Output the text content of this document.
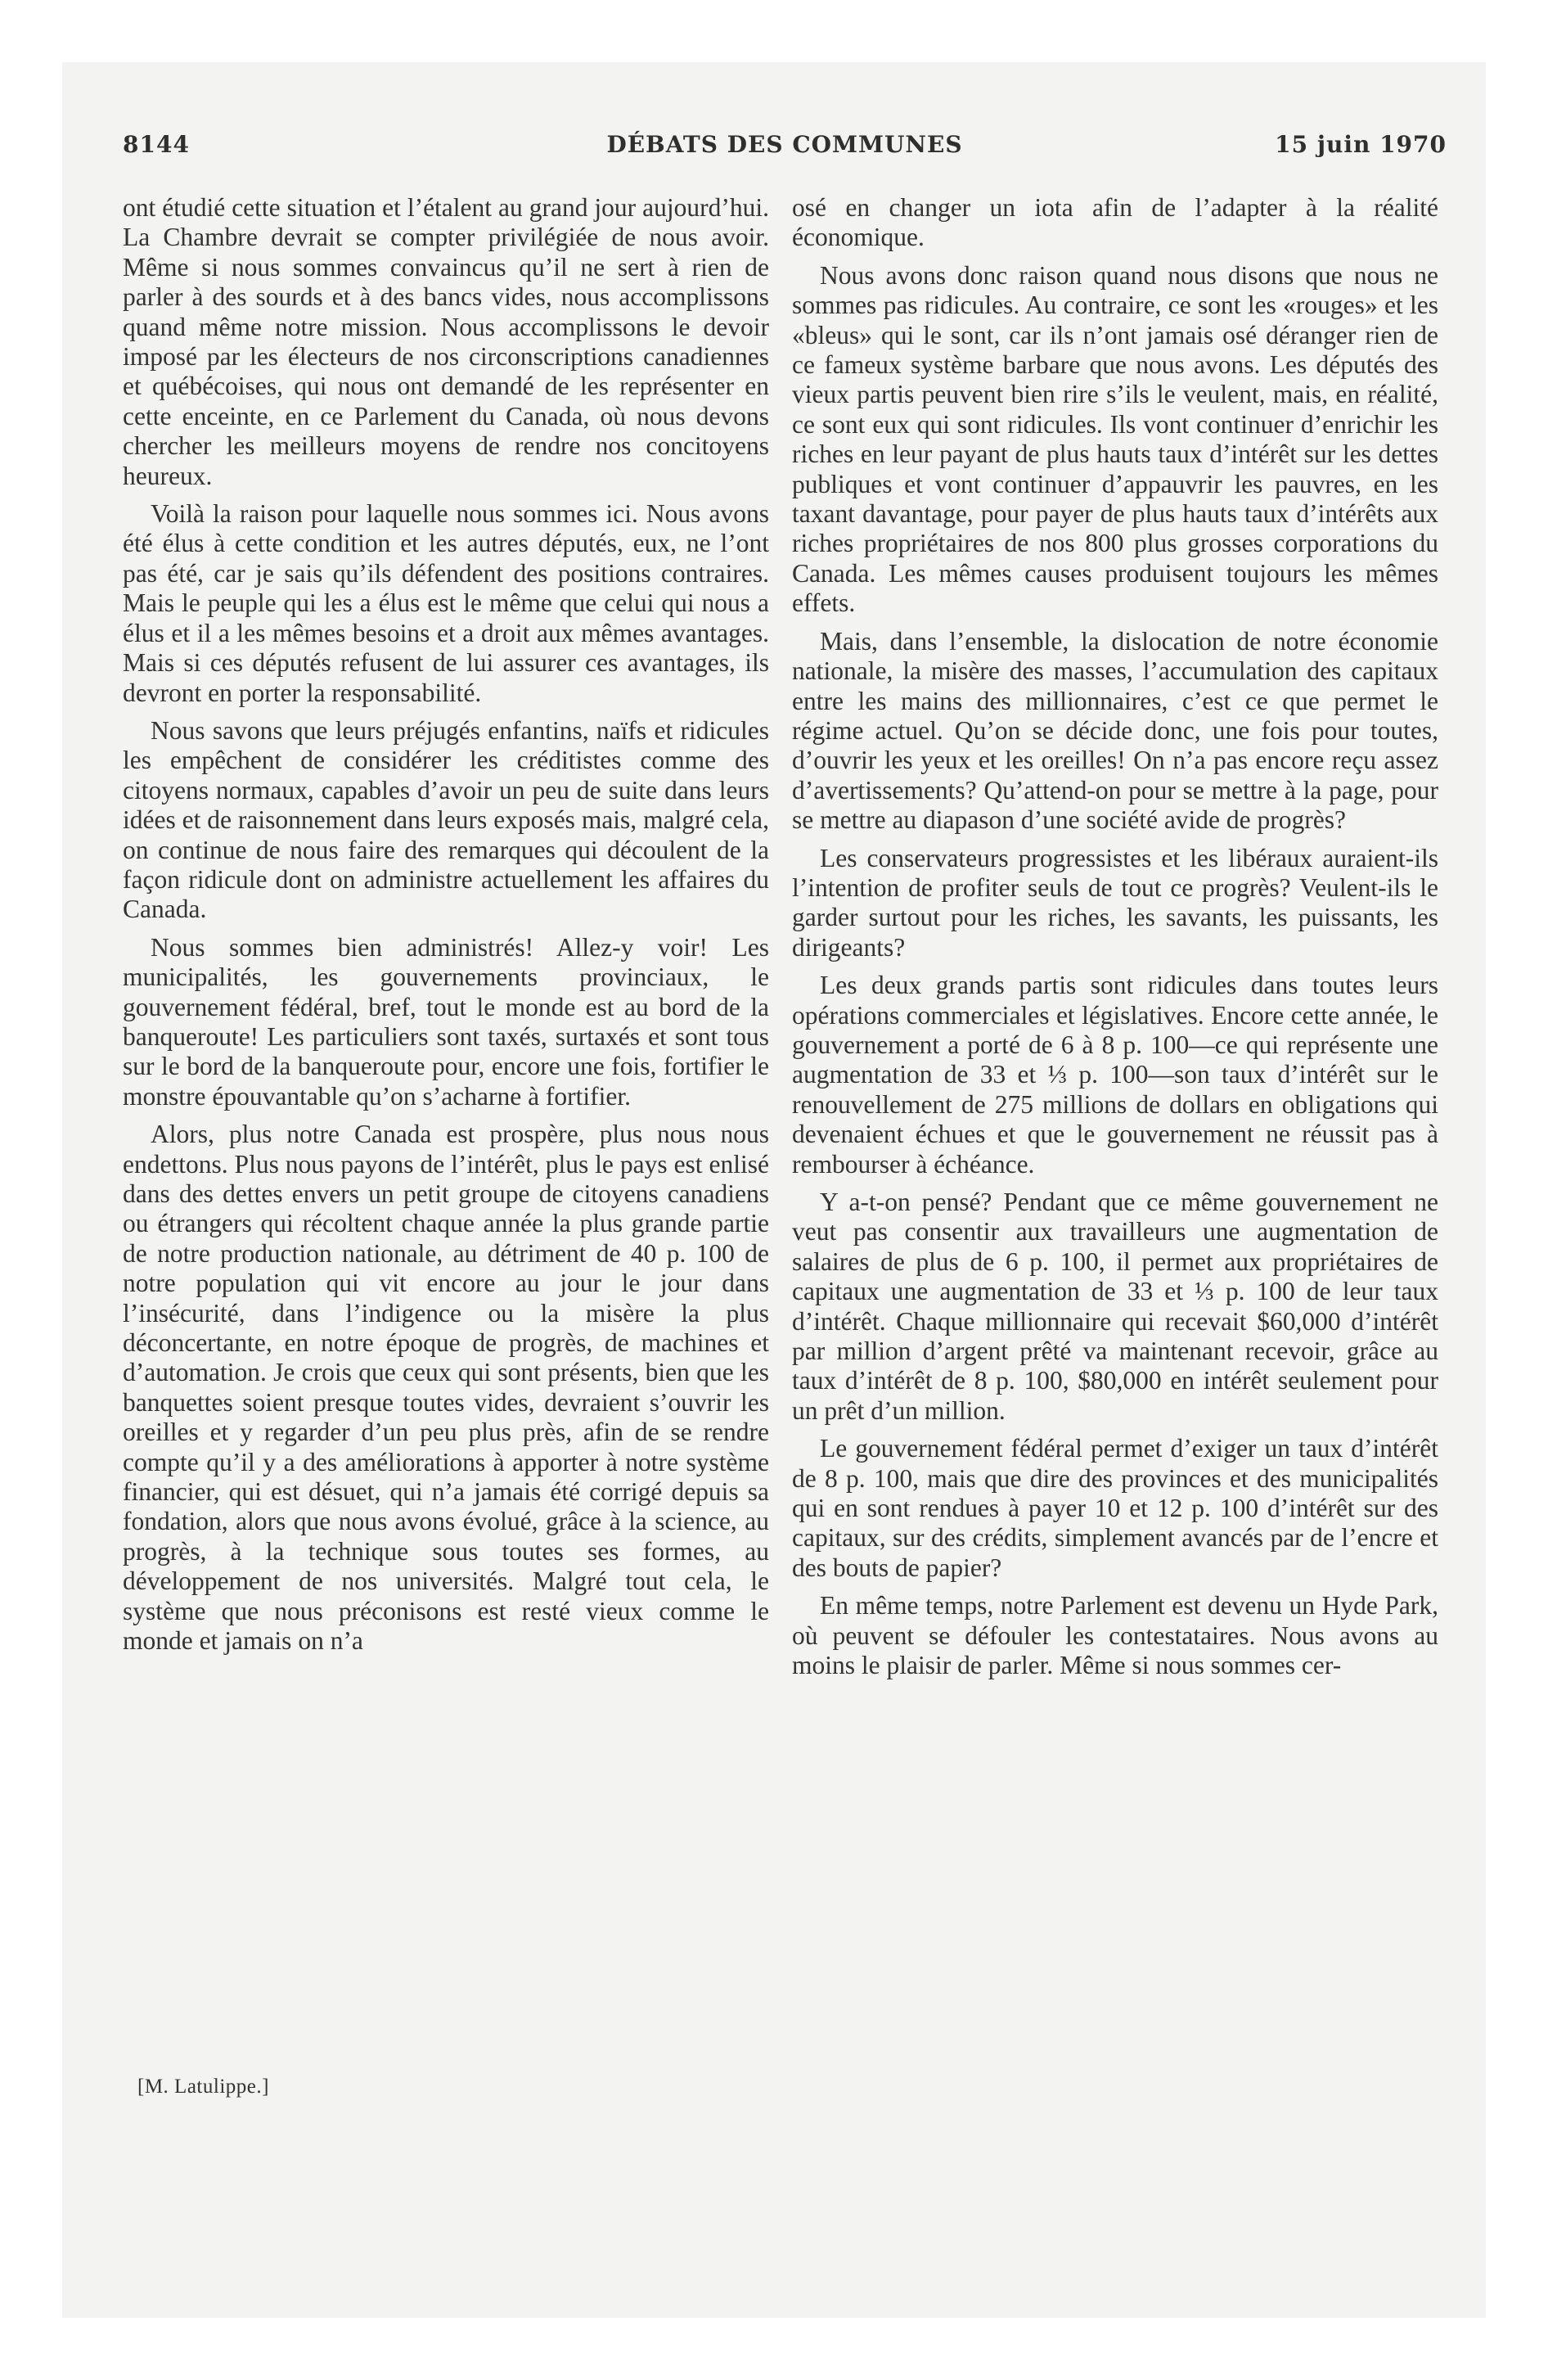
8144	DÉBATS DES COMMUNES	15 juin 1970

ont étudié cette situation et l’étalent au grand jour aujourd’hui. La Chambre devrait se compter privilégiée de nous avoir. Même si nous sommes convaincus qu’il ne sert à rien de parler à des sourds et à des bancs vides, nous accomplissons quand même notre mission. Nous accomplissons le devoir imposé par les électeurs de nos circonscriptions canadiennes et québécoises, qui nous ont demandé de les représenter en cette enceinte, en ce Parlement du Canada, où nous devons chercher les meilleurs moyens de rendre nos concitoyens heureux.

Voilà la raison pour laquelle nous sommes ici. Nous avons été élus à cette condition et les autres députés, eux, ne l’ont pas été, car je sais qu’ils défendent des positions contraires. Mais le peuple qui les a élus est le même que celui qui nous a élus et il a les mêmes besoins et a droit aux mêmes avantages. Mais si ces députés refusent de lui assurer ces avantages, ils devront en porter la responsabilité.

Nous savons que leurs préjugés enfantins, naïfs et ridicules les empêchent de considérer les créditistes comme des citoyens normaux, capables d’avoir un peu de suite dans leurs idées et de raisonnement dans leurs exposés mais, malgré cela, on continue de nous faire des remarques qui découlent de la façon ridicule dont on administre actuellement les affaires du Canada.

Nous sommes bien administrés! Allez-y voir! Les municipalités, les gouvernements provinciaux, le gouvernement fédéral, bref, tout le monde est au bord de la banqueroute! Les particuliers sont taxés, surtaxés et sont tous sur le bord de la banqueroute pour, encore une fois, fortifier le monstre épouvantable qu’on s’acharne à fortifier.

Alors, plus notre Canada est prospère, plus nous nous endettons. Plus nous payons de l’intérêt, plus le pays est enlisé dans des dettes envers un petit groupe de citoyens canadiens ou étrangers qui récoltent chaque année la plus grande partie de notre production nationale, au détriment de 40 p. 100 de notre population qui vit encore au jour le jour dans l’insécurité, dans l’indigence ou la misère la plus déconcertante, en notre époque de progrès, de machines et d’automation. Je crois que ceux qui sont présents, bien que les banquettes soient presque toutes vides, devraient s’ouvrir les oreilles et y regarder d’un peu plus près, afin de se rendre compte qu’il y a des améliorations à apporter à notre système financier, qui est désuet, qui n’a jamais été corrigé depuis sa fondation, alors que nous avons évolué, grâce à la science, au progrès, à la technique sous toutes ses formes, au développement de nos universités. Malgré tout cela, le système que nous préconisons est resté vieux comme le monde et jamais on n’a

[M. Latulippe.]

osé en changer un iota afin de l’adapter à la réalité économique.

Nous avons donc raison quand nous disons que nous ne sommes pas ridicules. Au contraire, ce sont les «rouges» et les «bleus» qui le sont, car ils n’ont jamais osé déranger rien de ce fameux système barbare que nous avons. Les députés des vieux partis peuvent bien rire s’ils le veulent, mais, en réalité, ce sont eux qui sont ridicules. Ils vont continuer d’enrichir les riches en leur payant de plus hauts taux d’intérêt sur les dettes publiques et vont continuer d’appauvrir les pauvres, en les taxant davantage, pour payer de plus hauts taux d’intérêts aux riches propriétaires de nos 800 plus grosses corporations du Canada. Les mêmes causes produisent toujours les mêmes effets.

Mais, dans l’ensemble, la dislocation de notre économie nationale, la misère des masses, l’accumulation des capitaux entre les mains des millionnaires, c’est ce que permet le régime actuel. Qu’on se décide donc, une fois pour toutes, d’ouvrir les yeux et les oreilles! On n’a pas encore reçu assez d’avertissements? Qu’attend-on pour se mettre à la page, pour se mettre au diapason d’une société avide de progrès?

Les conservateurs progressistes et les libéraux auraient-ils l’intention de profiter seuls de tout ce progrès? Veulent-ils le garder surtout pour les riches, les savants, les puissants, les dirigeants?

Les deux grands partis sont ridicules dans toutes leurs opérations commerciales et législatives. Encore cette année, le gouvernement a porté de 6 à 8 p. 100—ce qui représente une augmentation de 33 et ⅓ p. 100—son taux d’intérêt sur le renouvellement de 275 millions de dollars en obligations qui devenaient échues et que le gouvernement ne réussit pas à rembourser à échéance.

Y a-t-on pensé? Pendant que ce même gouvernement ne veut pas consentir aux travailleurs une augmentation de salaires de plus de 6 p. 100, il permet aux propriétaires de capitaux une augmentation de 33 et ⅓ p. 100 de leur taux d’intérêt. Chaque millionnaire qui recevait $60,000 d’intérêt par million d’argent prêté va maintenant recevoir, grâce au taux d’intérêt de 8 p. 100, $80,000 en intérêt seulement pour un prêt d’un million.

Le gouvernement fédéral permet d’exiger un taux d’intérêt de 8 p. 100, mais que dire des provinces et des municipalités qui en sont rendues à payer 10 et 12 p. 100 d’intérêt sur des capitaux, sur des crédits, simplement avancés par de l’encre et des bouts de papier?

En même temps, notre Parlement est devenu un Hyde Park, où peuvent se défouler les contestataires. Nous avons au moins le plaisir de parler. Même si nous sommes cer-
